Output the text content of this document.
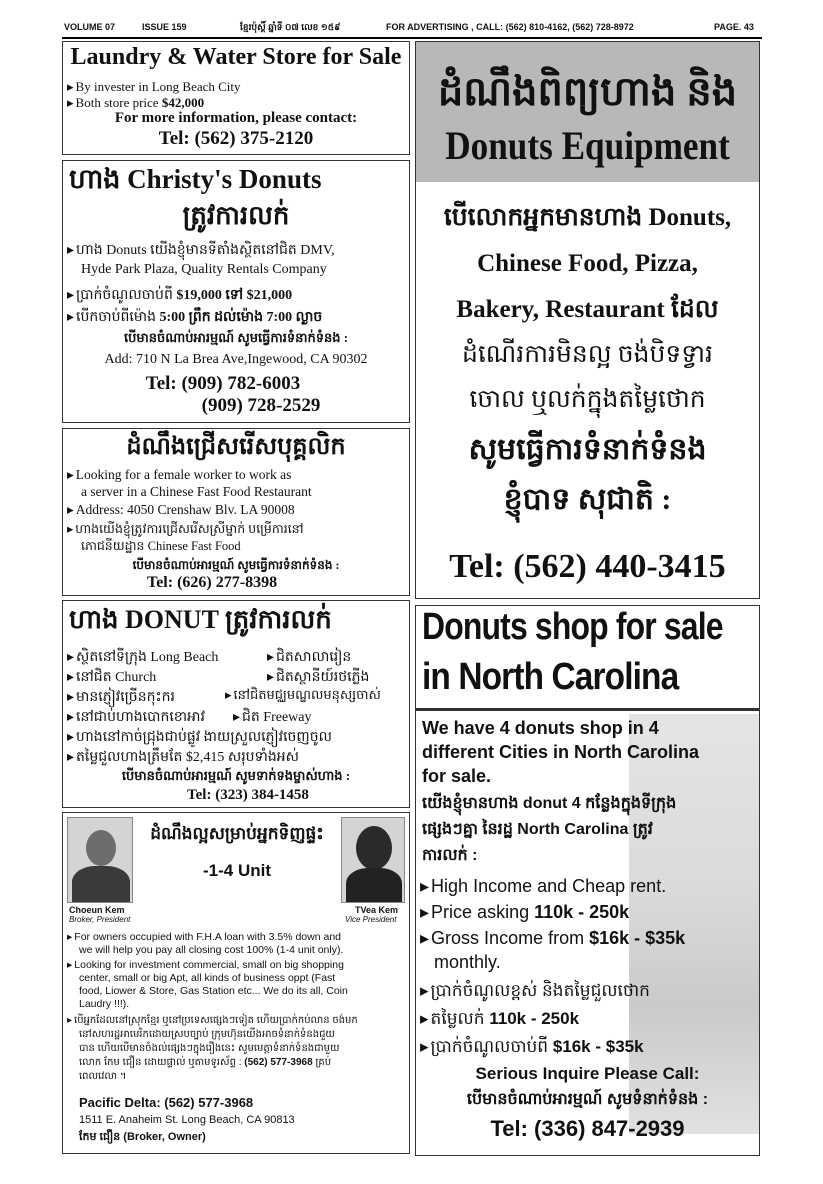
VOLUME 07	ISSUE 159	ខ្មែរប៉ុស្តិ៍ ឆ្នាំទី ០៧ លេខ ១៥៩	FOR ADVERTISING , CALL: (562) 810-4162, (562) 728-8972	PAGE. 43
Laundry & Water Store for Sale
▸ By invester in Long Beach City
▸ Both store price $42,000
For more information, please contact:
Tel: (562) 375-2120
ហាង Christy's Donuts
ត្រូវការលក់
▸ ហាង Donuts យើងខ្ញុំមានទីតាំងស្ថិតនៅជិត DMV,
Hyde Park Plaza, Quality Rentals Company
▸ ប្រាក់ចំណូលចាប់ពី $19,000 ទៅ $21,000
▸ បើកចាប់ពីម៉ោង 5:00 ព្រឹក ដល់ម៉ោង 7:00 ល្ងាច
បើមានចំណាប់អារម្មណ៍ សូមធ្វើការទំនាក់ទំនង :
Add: 710 N La Brea Ave,Ingewood, CA 90302
Tel: (909) 782-6003
(909) 728-2529
ដំណឹងជ្រើសរើសបុគ្គលិក
▸ Looking for a female worker to work as
a server in a Chinese Fast Food Restaurant
▸ Address: 4050 Crenshaw Blv. LA 90008
▸ ហាងយើងខ្ញុំត្រូវការជ្រើសរើសស្រីម្នាក់ បម្រើការនៅ
ភោជនីយដ្ឋាន Chinese Fast Food
បើមានចំណាប់អារម្មណ៍ សូមធ្វើការទំនាក់ទំនង :
Tel: (626) 277-8398
ហាង DONUT ត្រូវការលក់
▸ ស្ថិតនៅទីក្រុង Long Beach	▸ ជិតសាលារៀន
▸ នៅជិត Church	▸ ជិតស្ថានីយ៍រថភ្លើង
▸ មានភ្ញៀវច្រើនកុះករ	▸ នៅជិតមជ្ឈមណ្ឌលមនុស្សចាស់
▸ នៅជាប់ហាងបោកខោអាវ	▸ ជិត Freeway
▸ ហាងនៅកាច់ជ្រុងជាប់ផ្លូវ ងាយស្រួលភ្ញៀវចេញចូល
▸ តម្លៃជួលហាងត្រឹមតែ $2,415 សរុបទាំងអស់
បើមានចំណាប់អារម្មណ៍ សូមទាក់ទងម្ចាស់ហាង :
Tel: (323) 384-1458
Choeun Kem
Broker, President
TVea Kem
Vice President
ដំណឹងល្អសម្រាប់អ្នកទិញផ្ទះ
-1-4 Unit
▸ For owners occupied with F.H.A loan with 3.5% down and
we will help you pay all closing cost 100% (1-4 unit only).
▸ Looking for investment commercial, small on big shopping
center, small or big Apt, all kinds of business oppt (Fast
food, Liower & Store, Gas Station etc... We do its all, Coin
Laudry !!!).
▸ បើអ្នកដែលនៅស្រុកខ្មែរ ឬនៅប្រទេសផ្សេងៗទៀត ហើយប្រាក់កប់លាន ចង់មក
នៅសហរដ្ឋអាមេរិកដោយស្របច្បាប់ ក្រុមហ៊ុនយើងអាចទំនាក់ទំនងជួយ
បាន ហើយបើមានចំងល់ផ្សេងៗក្នុងរឿងនេះ សូមមេត្តាទំនាក់ទំនងជាមួយ
លោក កែម ជឿន ដោយផ្ទាល់ ឬតាមទូរស័ព្ទ : (562) 577-3968 គ្រប់
ពេលវេលា ។
Pacific Delta: (562) 577-3968
1511 E. Anaheim St. Long Beach, CA 90813
កែម ជឿន (Broker, Owner)
ដំណឹងពិព្យហាង និង
Donuts Equipment
បើលោកអ្នកមានហាង Donuts,
Chinese Food, Pizza,
Bakery, Restaurant ដែល
ដំណើរការមិនល្អ ចង់បិទទ្វារ
ចោល ឬលក់ក្នុងតម្លៃថោក
សូមធ្វើការទំនាក់ទំនង
ខ្ញុំបាទ សុជាតិ :
Tel: (562) 440-3415
Donuts shop for sale
in North Carolina
We have 4 donuts shop in 4
different Cities in North Carolina
for sale.
យើងខ្ញុំមានហាង donut 4 កន្លែងក្នុងទីក្រុង
ផ្សេងៗគ្នា នៃរដ្ឋ North Carolina ត្រូវ
ការលក់ :
▸ High Income and Cheap rent.
▸ Price asking 110k - 250k
▸ Gross Income from $16k - $35k
monthly.
▸ ប្រាក់ចំណូលខ្ពស់ និងតម្លៃជួលថោក
▸ តម្លៃលក់ 110k - 250k
▸ ប្រាក់ចំណូលចាប់ពី $16k - $35k
Serious Inquire Please Call:
បើមានចំណាប់អារម្មណ៍ សូមទំនាក់ទំនង :
Tel: (336) 847-2939
